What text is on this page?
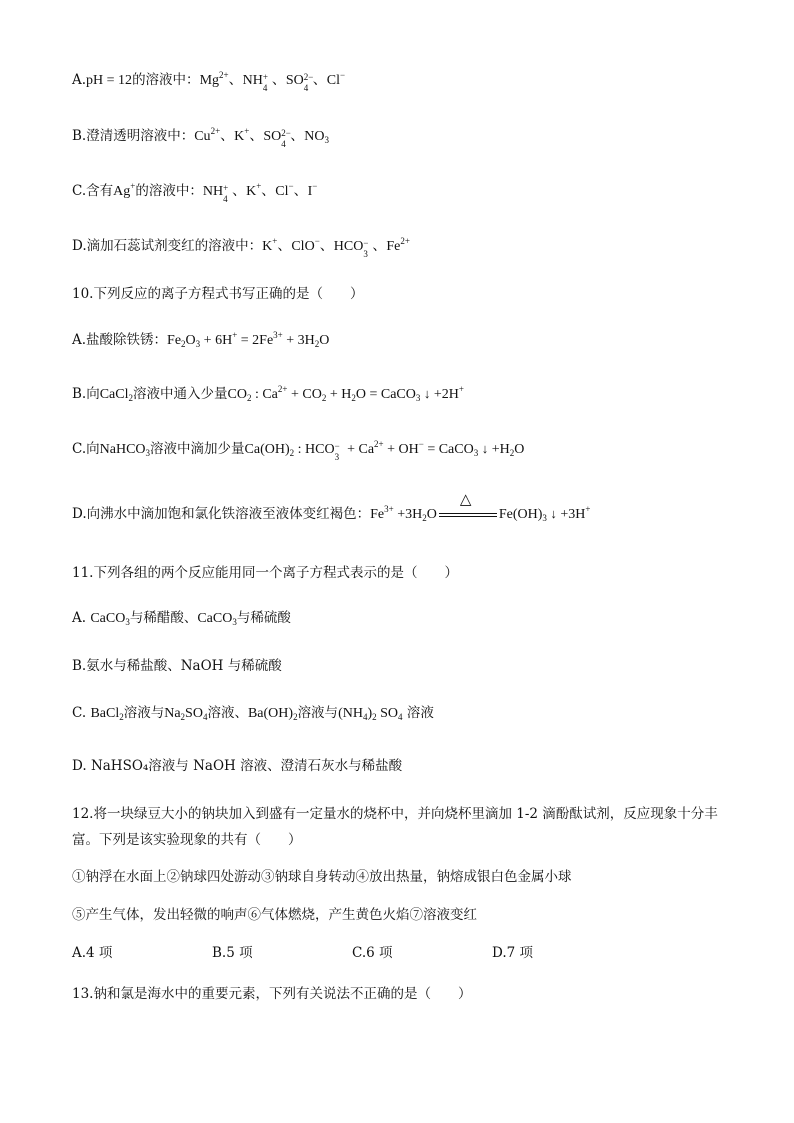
A.pH = 12的溶液中：$Mg^{2+}$、NH +
4 、SO 2−
4 、Cl−
B.澄清透明溶液中：$Cu^{2+}$、K+、SO 2−
4 、$NO_3$
C.含有Ag+的溶液中：NH +
4 、K+、Cl−、I−
D.滴加石蕊试剂变红的溶液中：K+、ClO−、HCO −
3 、$Fe^{2+}$
10.下列反应的离子方程式书写正确的是（　　）
A.盐酸除铁锈：$Fe_2O_3 + 6H^+ = 2Fe^{3+} + 3H_2O$
B.向CaCl$_2$溶液中通入少量$CO_2$ : $Ca^{2+} + CO_2 + H_2O$ = CaCO$_3$ ↓ +2H+
C.向NaHCO$_3$溶液中滴加少量$Ca(OH)_2$ : HCO −
$3 + Ca^{2+} + OH^-$ = CaCO$_3$ ↓ $+H_2O$
D.向沸水中滴加饱和氯化铁溶液至液体变红褐色：$Fe^{3+} +3H_2O$
△
$Fe(OH)_3$ ↓ +3H+
11.下列各组的两个反应能用同一个离子方程式表示的是（　　）
A. CaCO$_3$与稀醋酸、CaCO$_3$与稀硫酸
B.氨水与稀盐酸、NaOH 与稀硫酸
C. BaCl$_2$溶液与$Na_2SO_4$溶液、$Ba(OH)_2$溶液与$(NH_4)_2$ $SO_4$ 溶液
D. NaHSO₄溶液与 NaOH 溶液、澄清石灰水与稀盐酸
12.将一块绿豆大小的钠块加入到盛有一定量水的烧杯中，并向烧杯里滴加 1-2 滴酚酞试剂，反应现象十分丰富。下列是该实验现象的共有（　　）
①钠浮在水面上②钠球四处游动③钠球自身转动④放出热量，钠熔成银白色金属小球
⑤产生气体，发出轻微的响声⑥气体燃烧，产生黄色火焰⑦溶液变红
A.4 项	B.5 项	C.6 项	D.7 项
13.钠和氯是海水中的重要元素，下列有关说法不正确的是（　　）
